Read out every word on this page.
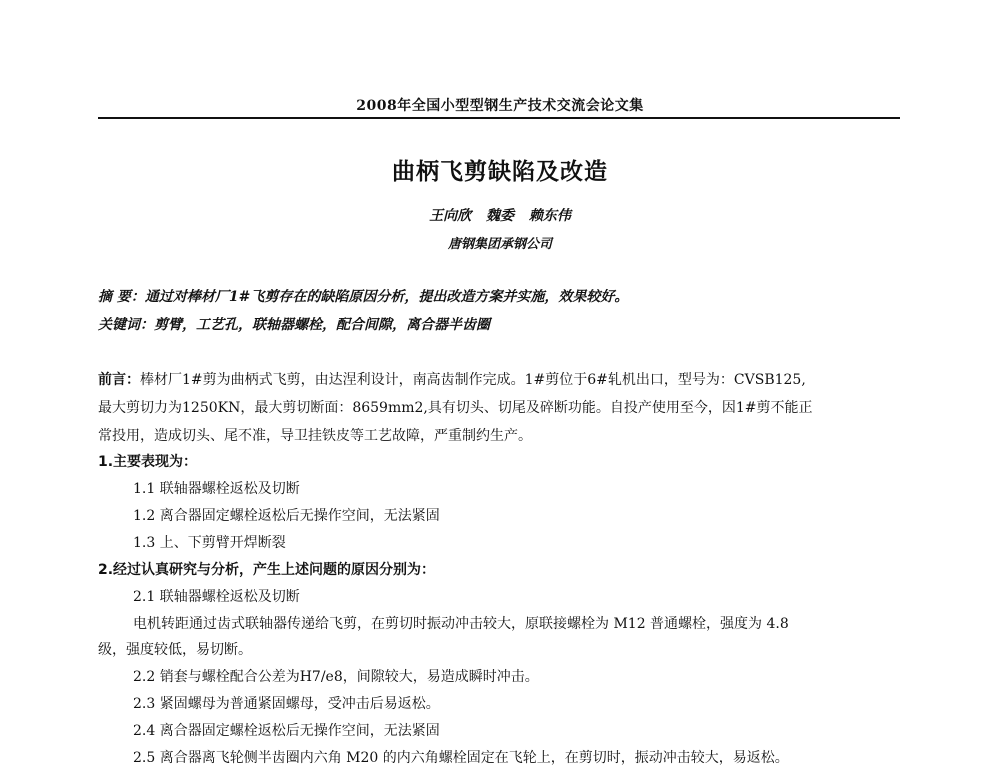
2008年全国小型型钢生产技术交流会论文集
曲柄飞剪缺陷及改造
王向欣 魏委 赖东伟
唐钢集团承钢公司
摘 要：通过对棒材厂1#飞剪存在的缺陷原因分析，提出改造方案并实施，效果较好。
关键词：剪臂，工艺孔，联轴器螺栓，配合间隙，离合器半齿圈
前言：棒材厂1#剪为曲柄式飞剪，由达涅利设计，南高齿制作完成。1#剪位于6#轧机出口，型号为：CVSB125,
最大剪切力为1250KN，最大剪切断面：8659mm2,具有切头、切尾及碎断功能。自投产使用至今，因1#剪不能正
常投用，造成切头、尾不准，导卫挂铁皮等工艺故障，严重制约生产。
1.主要表现为：
1.1 联轴器螺栓返松及切断
1.2 离合器固定螺栓返松后无操作空间，无法紧固
1.3 上、下剪臂开焊断裂
2.经过认真研究与分析，产生上述问题的原因分别为：
2.1 联轴器螺栓返松及切断
电机转距通过齿式联轴器传递给飞剪，在剪切时振动冲击较大，原联接螺栓为 M12 普通螺栓，强度为 4.8
级，强度较低，易切断。
2.2 销套与螺栓配合公差为H7/e8，间隙较大，易造成瞬时冲击。
2.3 紧固螺母为普通紧固螺母，受冲击后易返松。
2.4 离合器固定螺栓返松后无操作空间，无法紧固
2.5 离合器离飞轮侧半齿圈内六角 M20 的内六角螺栓固定在飞轮上，在剪切时，振动冲击较大，易返松。
